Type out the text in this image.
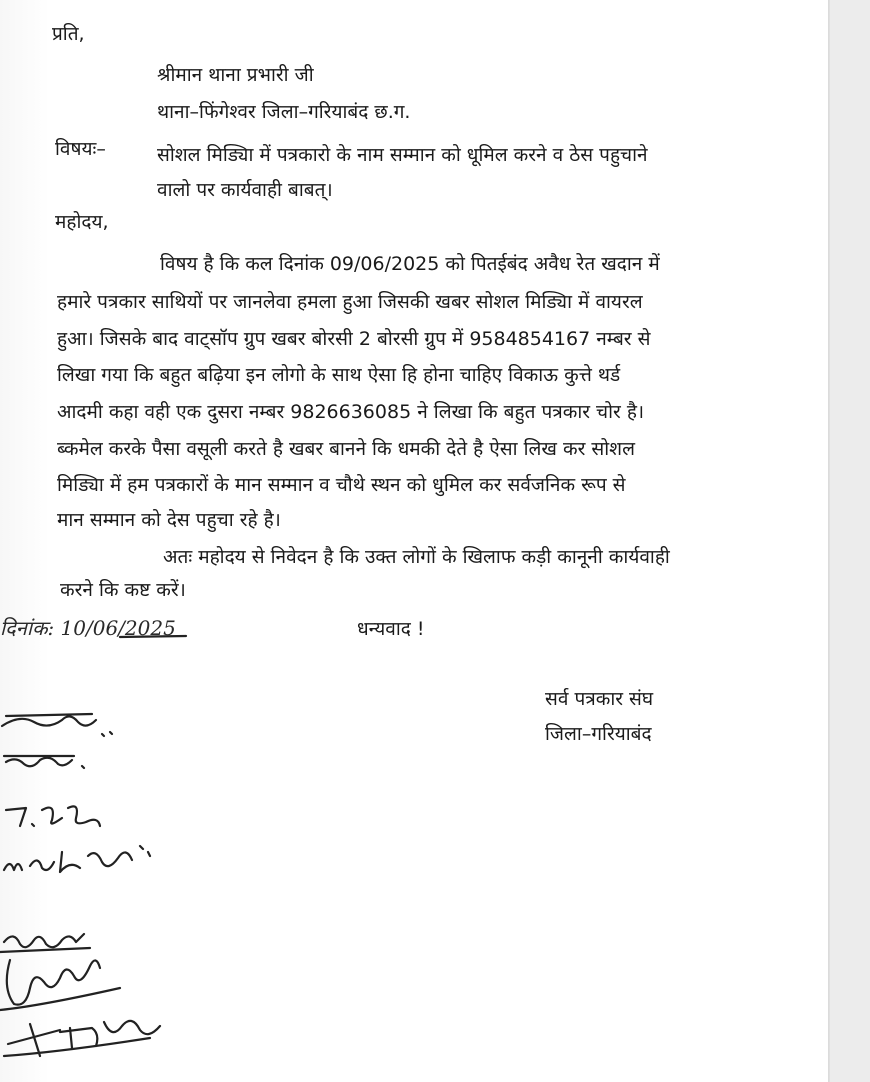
प्रति,
श्रीमान थाना प्रभारी जी
थाना–फिंगेश्वर जिला–गरियाबंद छ.ग.
विषयः–	सोशल मिड्यिा में पत्रकारो के नाम सम्मान को धूमिल करने व ठेस पहुचाने
वालो पर कार्यवाही बाबत्।
महोदय,
विषय है कि कल दिनांक 09/06/2025 को पितईबंद अवैध रेत खदान में
हमारे पत्रकार साथियों पर जानलेवा हमला हुआ जिसकी खबर सोशल मिड्यिा में वायरल
हुआ। जिसके बाद वाट्सॉप ग्रुप खबर बोरसी 2 बोरसी ग्रुप में 9584854167 नम्बर से
लिखा गया कि बहुत बढ़िया इन लोगो के साथ ऐसा हि होना चाहिए विकाऊ कुत्ते थर्ड
आदमी कहा वही एक दुसरा नम्बर 9826636085 ने लिखा कि बहुत पत्रकार चोर है।
ब्कमेल करके पैसा वसूली करते है खबर बानने कि धमकी देते है ऐसा लिख कर सोशल
मिड्यिा में हम पत्रकारों के मान सम्मान व चौथे स्थन को धुमिल कर सर्वजनिक रूप से
मान सम्मान को देस पहुचा रहे है।
अतः महोदय से निवेदन है कि उक्त लोगों के खिलाफ कड़ी कानूनी कार्यवाही
करने कि कष्ट करें।
दिनांक: 10/06/2025	धन्यवाद !
सर्व पत्रकार संघ
जिला–गरियाबंद
